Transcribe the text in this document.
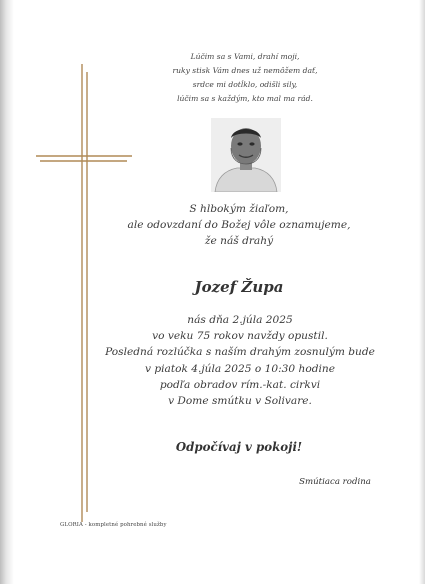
Lúčim sa s Vami, drahí moji,
ruky stisk Vám dnes už nemôžem dať,
srdce mi dotĺklo, odišli sily,
lúčim sa s každým, kto mal ma rád.
S hlbokým žiaľom,
ale odovzdaní do Božej vôle oznamujeme,
že náš drahý
Jozef Župa
nás dňa 2.júla 2025
vo veku 75 rokov navždy opustil.
Posledná rozlúčka s naším drahým zosnulým bude
v piatok 4.júla 2025 o 10:30 hodine
podľa obradov rím.-kat. cirkvi
v Dome smútku v Solivare.
Odpočívaj v pokoji!
Smútiaca rodina
GLORIA - kompletné pohrebné služby
